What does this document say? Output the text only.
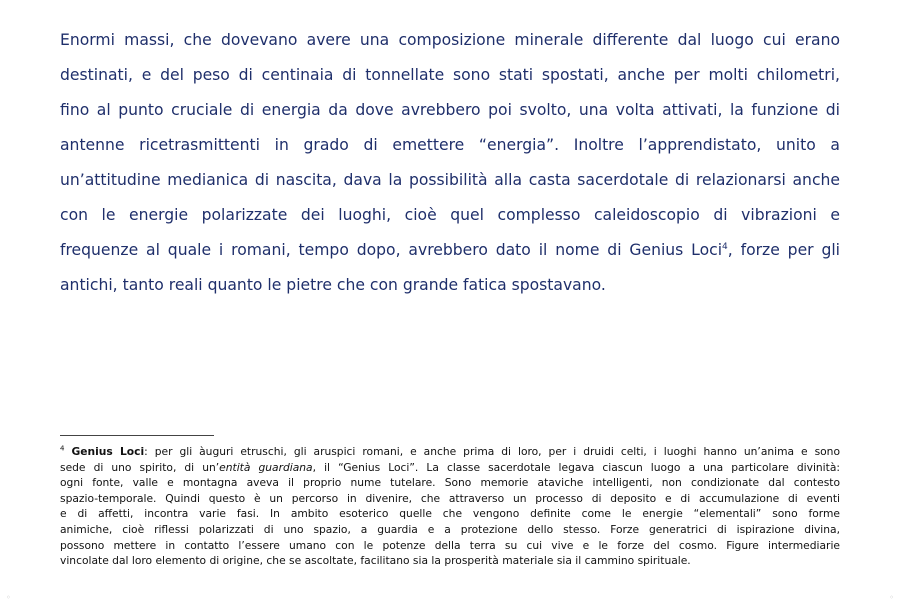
Enormi massi, che dovevano avere una composizione minerale differente dal luogo cui erano
destinati, e del peso di centinaia di tonnellate sono stati spostati, anche per molti chilometri,
fino al punto cruciale di energia da dove avrebbero poi svolto, una volta attivati, la funzione di
antenne ricetrasmittenti in grado di emettere “energia”. Inoltre l’apprendistato, unito a
un’attitudine medianica di nascita, dava la possibilità alla casta sacerdotale di relazionarsi anche
con le energie polarizzate dei luoghi, cioè quel complesso caleidoscopio di vibrazioni e
frequenze al quale i romani, tempo dopo, avrebbero dato il nome di Genius Loci$^4$, forze per gli
antichi, tanto reali quanto le pietre che con grande fatica spostavano.
$^4$ Genius Loci: per gli àuguri etruschi, gli aruspici romani, e anche prima di loro, per i druidi celti, i luoghi hanno un’anima e sono
sede di uno spirito, di un’entità guardiana, il “Genius Loci”. La classe sacerdotale legava ciascun luogo a una particolare divinità:
ogni fonte, valle e montagna aveva il proprio nume tutelare. Sono memorie ataviche intelligenti, non condizionate dal contesto
spazio-temporale. Quindi questo è un percorso in divenire, che attraverso un processo di deposito e di accumulazione di eventi
e di affetti, incontra varie fasi. In ambito esoterico quelle che vengono definite come le energie “elementali” sono forme
animiche, cioè riflessi polarizzati di uno spazio, a guardia e a protezione dello stesso. Forze generatrici di ispirazione divina,
possono mettere in contatto l’essere umano con le potenze della terra su cui vive e le forze del cosmo. Figure intermediarie
vincolate dal loro elemento di origine, che se ascoltate, facilitano sia la prosperità materiale sia il cammino spirituale.
◦	◦
